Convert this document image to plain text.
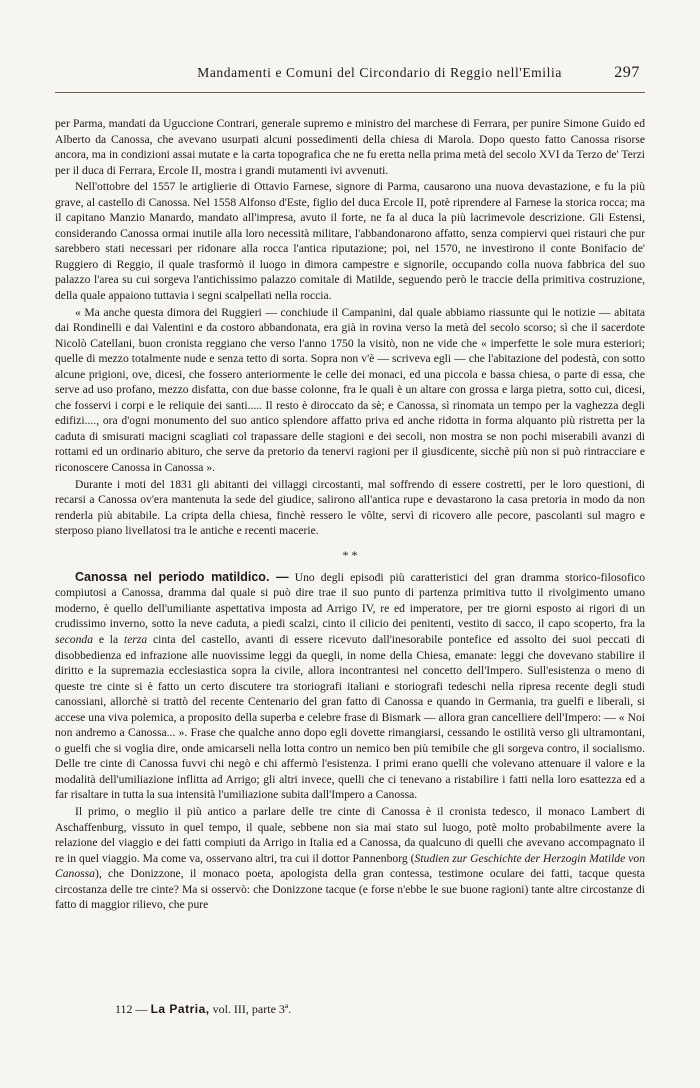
Mandamenti e Comuni del Circondario di Reggio nell'Emilia	297

per Parma, mandati da Uguccione Contrari, generale supremo e ministro del marchese di Ferrara, per punire Simone Guido ed Alberto da Canossa, che avevano usurpati alcuni possedimenti della chiesa di Marola. Dopo questo fatto Canossa risorse ancora, ma in condizioni assai mutate e la carta topografica che ne fu eretta nella prima metà del secolo XVI da Terzo de' Terzi per il duca di Ferrara, Ercole II, mostra i grandi mutamenti ivi avvenuti.

Nell'ottobre del 1557 le artiglierie di Ottavio Farnese, signore di Parma, causarono una nuova devastazione, e fu la più grave, al castello di Canossa. Nel 1558 Alfonso d'Este, figlio del duca Ercole II, potè riprendere al Farnese la storica rocca; ma il capitano Manzio Manardo, mandato all'impresa, avuto il forte, ne fa al duca la più lacrimevole descrizione. Gli Estensi, considerando Canossa ormai inutile alla loro necessità militare, l'abbandonarono affatto, senza compiervi quei ristauri che pur sarebbero stati necessari per ridonare alla rocca l'antica riputazione; poi, nel 1570, ne investirono il conte Bonifacio de' Ruggiero di Reggio, il quale trasformò il luogo in dimora campestre e signorile, occupando colla nuova fabbrica del suo palazzo l'area su cui sorgeva l'antichissimo palazzo comitale di Matilde, seguendo però le traccie della primitiva costruzione, della quale appaiono tuttavia i segni scalpellati nella roccia.

« Ma anche questa dimora dei Ruggieri — conchiude il Campanini, dal quale abbiamo riassunte qui le notizie — abitata dai Rondinelli e dai Valentini e da costoro abbandonata, era già in rovina verso la metà del secolo scorso; sì che il sacerdote Nicolò Catellani, buon cronista reggiano che verso l'anno 1750 la visitò, non ne vide che « imperfette le sole mura esteriori; quelle di mezzo totalmente nude e senza tetto di sorta. Sopra non v'è — scriveva egli — che l'abitazione del podestà, con sotto alcune prigioni, ove, dicesi, che fossero anteriormente le celle dei monaci, ed una piccola e bassa chiesa, o parte di essa, che serve ad uso profano, mezzo disfatta, con due basse colonne, fra le quali è un altare con grossa e larga pietra, sotto cui, dicesi, che fosservi i corpi e le reliquie dei santi..... Il resto è diroccato da sè; e Canossa, sì rinomata un tempo per la vaghezza degli edifizi...., ora d'ogni monumento del suo antico splendore affatto priva ed anche ridotta in forma alquanto più ristretta per la caduta di smisurati macigni scagliati col trapassare delle stagioni e dei secoli, non mostra se non pochi miserabili avanzi di rottami ed un ordinario abituro, che serve da pretorio da tenervi ragioni per il giusdicente, sicchè più non si può rintracciare e riconoscere Canossa in Canossa ».

Durante i moti del 1831 gli abitanti dei villaggi circostanti, mal soffrendo di essere costretti, per le loro questioni, di recarsi a Canossa ov'era mantenuta la sede del giudice, salirono all'antica rupe e devastarono la casa pretoria in modo da non renderla più abitabile. La cripta della chiesa, finchè ressero le vôlte, servì di ricovero alle pecore, pascolanti sul magro e sterposo piano livellatosi tra le antiche e recenti macerie.

* *

Canossa nel periodo matildico. — Uno degli episodi più caratteristici del gran dramma storico-filosofico compiutosi a Canossa, dramma dal quale si può dire trae il suo punto di partenza primitiva tutto il rivolgimento umano moderno, è quello dell'umiliante aspettativa imposta ad Arrigo IV, re ed imperatore, per tre giorni esposto ai rigori di un crudissimo inverno, sotto la neve caduta, a piedi scalzi, cinto il cilicio dei penitenti, vestito di sacco, il capo scoperto, fra la seconda e la terza cinta del castello, avanti di essere ricevuto dall'inesorabile pontefice ed assolto dei suoi peccati di disobbedienza ed infrazione alle nuovissime leggi da quegli, in nome della Chiesa, emanate: leggi che dovevano stabilire il diritto e la supremazia ecclesiastica sopra la civile, allora incontrantesi nel concetto dell'Impero. Sull'esistenza o meno di queste tre cinte si è fatto un certo discutere tra storiografi italiani e storiografi tedeschi nella ripresa recente degli studi canossiani, allorchè si trattò del recente Centenario del gran fatto di Canossa e quando in Germania, tra guelfi e liberali, si accese una viva polemica, a proposito della superba e celebre frase di Bismark — allora gran cancelliere dell'Impero: — « Noi non andremo a Canossa... ». Frase che qualche anno dopo egli dovette rimangiarsi, cessando le ostilità verso gli ultramontani, o guelfi che si voglia dire, onde amicarseli nella lotta contro un nemico ben più temibile che gli sorgeva contro, il socialismo. Delle tre cinte di Canossa fuvvi chi negò e chi affermò l'esistenza. I primi erano quelli che volevano attenuare il valore e la modalità dell'umiliazione inflitta ad Arrigo; gli altri invece, quelli che ci tenevano a ristabilire i fatti nella loro esattezza ed a far risaltare in tutta la sua intensità l'umiliazione subita dall'Impero a Canossa.

Il primo, o meglio il più antico a parlare delle tre cinte di Canossa è il cronista tedesco, il monaco Lambert di Aschaffenburg, vissuto in quel tempo, il quale, sebbene non sia mai stato sul luogo, potè molto probabilmente avere la relazione del viaggio e dei fatti compiuti da Arrigo in Italia ed a Canossa, da qualcuno di quelli che avevano accompagnato il re in quel viaggio. Ma come va, osservano altri, tra cui il dottor Pannenborg (Studien zur Geschichte der Herzogin Matilde von Canossa), che Donizzone, il monaco poeta, apologista della gran contessa, testimone oculare dei fatti, tacque questa circostanza delle tre cinte? Ma si osservò: che Donizzone tacque (e forse n'ebbe le sue buone ragioni) tante altre circostanze di fatto di maggior rilievo, che pure

112 — La Patria, vol. III, parte 3ª.
